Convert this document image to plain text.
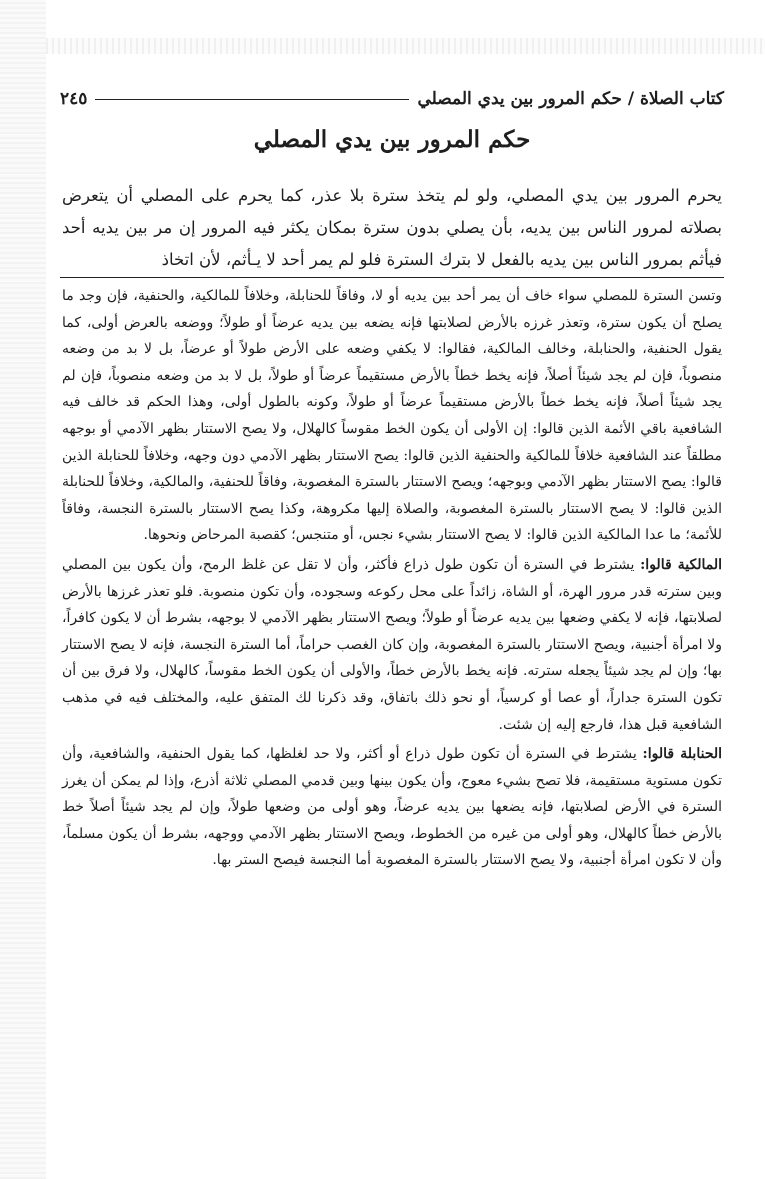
كتاب الصلاة / حكم المرور بين يدي المصلي
٢٤٥
حكم المرور بين يدي المصلي

يحرم المرور بين يدي المصلي، ولو لم يتخذ سترة بلا عذر، كما يحرم على المصلي أن يتعرض بصلاته لمرور الناس بين يديه، بأن يصلي بدون سترة بمكان يكثر فيه المرور إن مر بين يديه أحد فيأثم بمرور الناس بين يديه بالفعل لا بترك السترة فلو لم يمر أحد لا يـأثم، لأن اتخاذ

وتسن السترة للمصلي سواء خاف أن يمر أحد بين يديه أو لا، وفاقاً للحنابلة، وخلافاً للمالكية، والحنفية، فإن وجد ما يصلح أن يكون سترة، وتعذر غرزه بالأرض لصلابتها فإنه يضعه بين يديه عرضاً أو طولاً؛ ووضعه بالعرض أولى، كما يقول الحنفية، والحنابلة، وخالف المالكية، فقالوا: لا يكفي وضعه على الأرض طولاً أو عرضاً، بل لا بد من وضعه منصوباً، فإن لم يجد شيئاً أصلاً، فإنه يخط خطاً بالأرض مستقيماً عرضاً أو طولاً، بل لا بد من وضعه منصوباً، فإن لم يجد شيئاً أصلاً، فإنه يخط خطاً بالأرض مستقيماً عرضاً أو طولاً، وكونه بالطول أولى، وهذا الحكم قد خالف فيه الشافعية باقي الأئمة الذين قالوا: إن الأولى أن يكون الخط مقوساً كالهلال، ولا يصح الاستتار بظهر الآدمي أو بوجهه مطلقاً عند الشافعية خلافاً للمالكية والحنفية الذين قالوا: يصح الاستتار بظهر الآدمي دون وجهه، وخلافاً للحنابلة الذين قالوا: يصح الاستتار بظهر الآدمي وبوجهه؛ ويصح الاستتار بالسترة المغصوبة، وفاقاً للحنفية، والمالكية، وخلافاً للحنابلة الذين قالوا: لا يصح الاستتار بالسترة المغصوبة، والصلاة إليها مكروهة، وكذا يصح الاستتار بالسترة النجسة، وفاقاً للأئمة؛ ما عدا المالكية الذين قالوا: لا يصح الاستتار بشيء نجس، أو متنجس؛ كقصبة المرحاض ونحوها.

المالكية قالوا: يشترط في السترة أن تكون طول ذراع فأكثر، وأن لا تقل عن غلظ الرمح، وأن يكون بين المصلي وبين سترته قدر مرور الهرة، أو الشاة، زائداً على محل ركوعه وسجوده، وأن تكون منصوبة. فلو تعذر غرزها بالأرض لصلابتها، فإنه لا يكفي وضعها بين يديه عرضاً أو طولاً؛ ويصح الاستتار بظهر الآدمي لا بوجهه، بشرط أن لا يكون كافراً، ولا امرأة أجنبية، ويصح الاستتار بالسترة المغصوبة، وإن كان الغصب حراماً، أما السترة النجسة، فإنه لا يصح الاستتار بها؛ وإن لم يجد شيئاً يجعله سترته. فإنه يخط بالأرض خطاً، والأولى أن يكون الخط مقوساً، كالهلال، ولا فرق بين أن تكون السترة جداراً، أو عصا أو كرسياً، أو نحو ذلك باتفاق، وقد ذكرنا لك المتفق عليه، والمختلف فيه في مذهب الشافعية قبل هذا، فارجع إليه إن شئت.

الحنابلة قالوا: يشترط في السترة أن تكون طول ذراع أو أكثر، ولا حد لغلظها، كما يقول الحنفية، والشافعية، وأن تكون مستوية مستقيمة، فلا تصح بشيء معوج، وأن يكون بينها وبين قدمي المصلي ثلاثة أذرع، وإذا لم يمكن أن يغرز السترة في الأرض لصلابتها، فإنه يضعها بين يديه عرضاً، وهو أولى من وضعها طولاً، وإن لم يجد شيئاً أصلاً خط بالأرض خطاً كالهلال، وهو أولى من غيره من الخطوط، ويصح الاستتار بظهر الآدمي ووجهه، بشرط أن يكون مسلماً، وأن لا تكون امرأة أجنبية، ولا يصح الاستتار بالسترة المغصوبة أما النجسة فيصح الستر بها.
